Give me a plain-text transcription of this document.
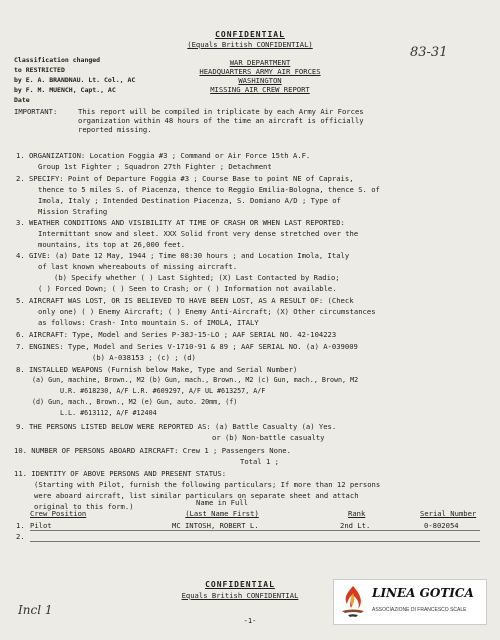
CONFIDENTIAL
(Equals British CONFIDENTIAL)
83-31
Classification changed
to RESTRICTED
by E. A. BRANDNAU. Lt. Col., AC
by F. M. MUENCH, Capt., AC
Date
WAR DEPARTMENT
HEADQUARTERS ARMY AIR FORCES
WASHINGTON
MISSING AIR CREW REPORT
IMPORTANT:	This report will be compiled in triplicate by each Army Air Forces
organization within 48 hours of the time an aircraft is officially
reported missing.
1. ORGANIZATION: Location Foggia #3 ; Command or Air Force 15th A.F.
Group 1st Fighter ; Squadron 27th Fighter ; Detachment
2. SPECIFY: Point of Departure Foggia #3 ; Course Base to point NE of Caprais,
thence to 5 miles S. of Piacenza, thence to Reggio Emilia-Bologna, thence S. of
Imola, Italy ; Intended Destination Piacenza, S. Domiano A/D ; Type of
Mission Strafing
3. WEATHER CONDITIONS AND VISIBILITY AT TIME OF CRASH OR WHEN LAST REPORTED:
Intermittant snow and sleet. XXX Solid front very dense stretched over the
mountains, its top at 26,000 feet.
4. GIVE: (a) Date 12 May, 1944 ; Time 08:30 hours ; and Location Imola, Italy
of last known whereabouts of missing aircraft.
(b) Specify whether ( ) Last Sighted; (X) Last Contacted by Radio;
( ) Forced Down; ( ) Seen to Crash; or ( ) Information not available.
5. AIRCRAFT WAS LOST, OR IS BELIEVED TO HAVE BEEN LOST, AS A RESULT OF: (Check
only one) ( ) Enemy Aircraft; ( ) Enemy Anti-Aircraft; (X) Other circumstances
as follows: Crash- Into mountain S. of IMOLA, ITALY
6. AIRCRAFT: Type, Model and Series P-38J-15-LO ; AAF SERIAL NO. 42-104223
7. ENGINES: Type, Model and Series V-1710-91 & 89 ; AAF SERIAL NO. (a) A-039009
(b) A-038153 ; (c) ; (d)
8. INSTALLED WEAPONS (Furnish below Make, Type and Serial Number)
(a) Gun, machine, Brown., M2 (b) Gun, mach., Brown., M2 (c) Gun, mach., Brown, M2
U.R. #618230, A/F L.R. #609297, A/F UL #613257, A/F
(d) Gun, mach., Brown., M2 (e) Gun, auto. 20mm, (f)
L.L. #613112, A/F #12404
9. THE PERSONS LISTED BELOW WERE REPORTED AS: (a) Battle Casualty (a) Yes.
or (b) Non-battle casualty
10. NUMBER OF PERSONS ABOARD AIRCRAFT: Crew 1 ; Passengers None.
Total 1 ;
11. IDENTITY OF ABOVE PERSONS AND PRESENT STATUS:
(Starting with Pilot, furnish the following particulars; If more than 12 persons
were aboard aircraft, list similar particulars on separate sheet and attach
original to this form.)	Name in Full
Crew Position	(Last Name First)	Rank	Serial Number
1. Pilot	MC INTOSH, ROBERT L.	2nd Lt.	0-802054
2.
CONFIDENTIAL
Equals British CONFIDENTIAL
-1-
Incl 1
LINEA GOTICA
ASSOCIAZIONE DI FRANCESCO SCALE
